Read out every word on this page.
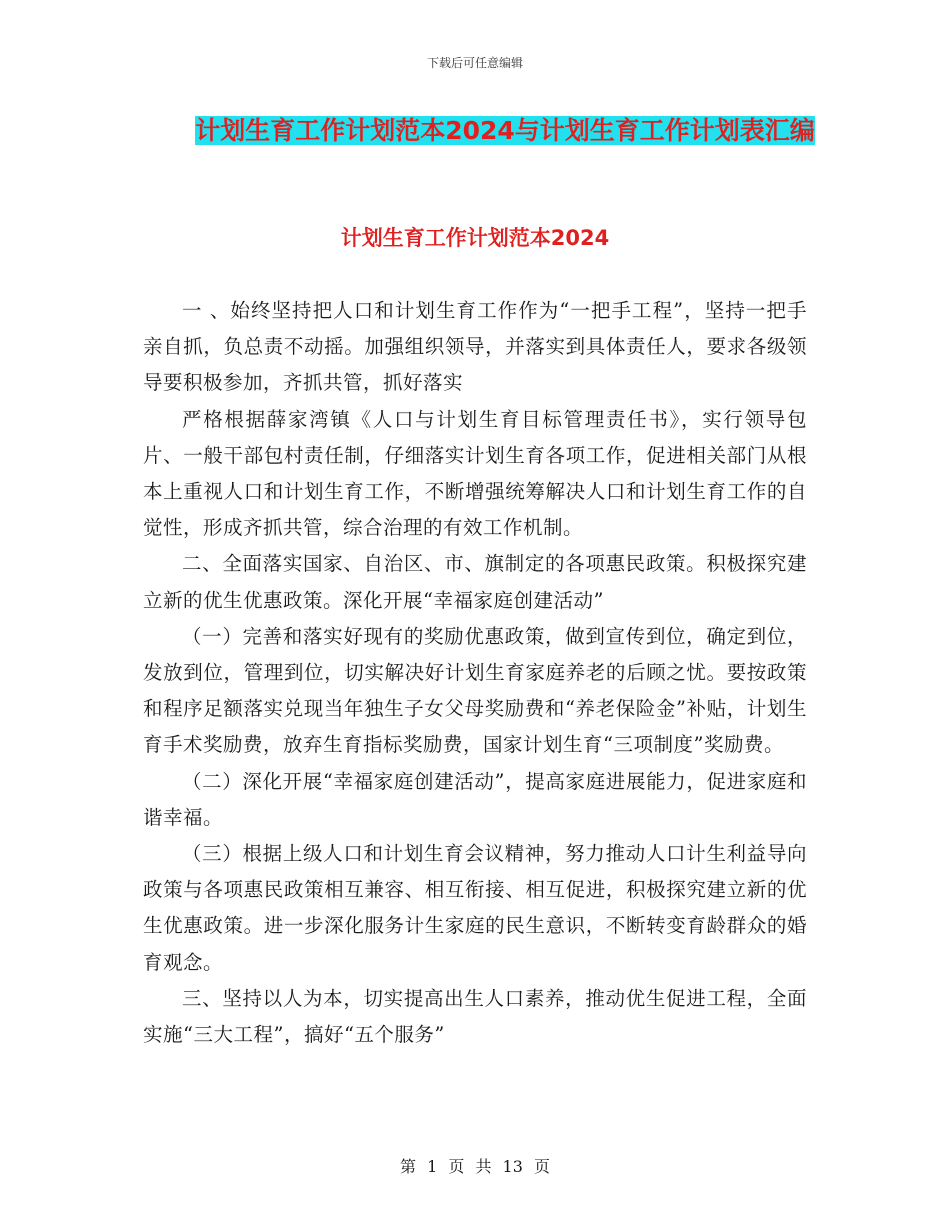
下载后可任意编辑
计划生育工作计划范本2024与计划生育工作计划表汇编
计划生育工作计划范本2024

一 、始终坚持把人口和计划生育工作作为“一把手工程”，坚持一把手亲自抓，负总责不动摇。加强组织领导，并落实到具体责任人，要求各级领导要积极参加，齐抓共管，抓好落实

严格根据薛家湾镇《人口与计划生育目标管理责任书》，实行领导包片、一般干部包村责任制，仔细落实计划生育各项工作，促进相关部门从根本上重视人口和计划生育工作，不断增强统筹解决人口和计划生育工作的自觉性，形成齐抓共管，综合治理的有效工作机制。

二、全面落实国家、自治区、市、旗制定的各项惠民政策。积极探究建立新的优生优惠政策。深化开展“幸福家庭创建活动”

（一）完善和落实好现有的奖励优惠政策，做到宣传到位，确定到位，发放到位，管理到位，切实解决好计划生育家庭养老的后顾之忧。要按政策和程序足额落实兑现当年独生子女父母奖励费和“养老保险金”补贴，计划生育手术奖励费，放弃生育指标奖励费，国家计划生育“三项制度”奖励费。

（二）深化开展“幸福家庭创建活动”，提高家庭进展能力，促进家庭和谐幸福。

（三）根据上级人口和计划生育会议精神，努力推动人口计生利益导向政策与各项惠民政策相互兼容、相互衔接、相互促进，积极探究建立新的优生优惠政策。进一步深化服务计生家庭的民生意识，不断转变育龄群众的婚育观念。

三、坚持以人为本，切实提高出生人口素养，推动优生促进工程，全面实施“三大工程”，搞好“五个服务”

第 1 页 共 13 页
